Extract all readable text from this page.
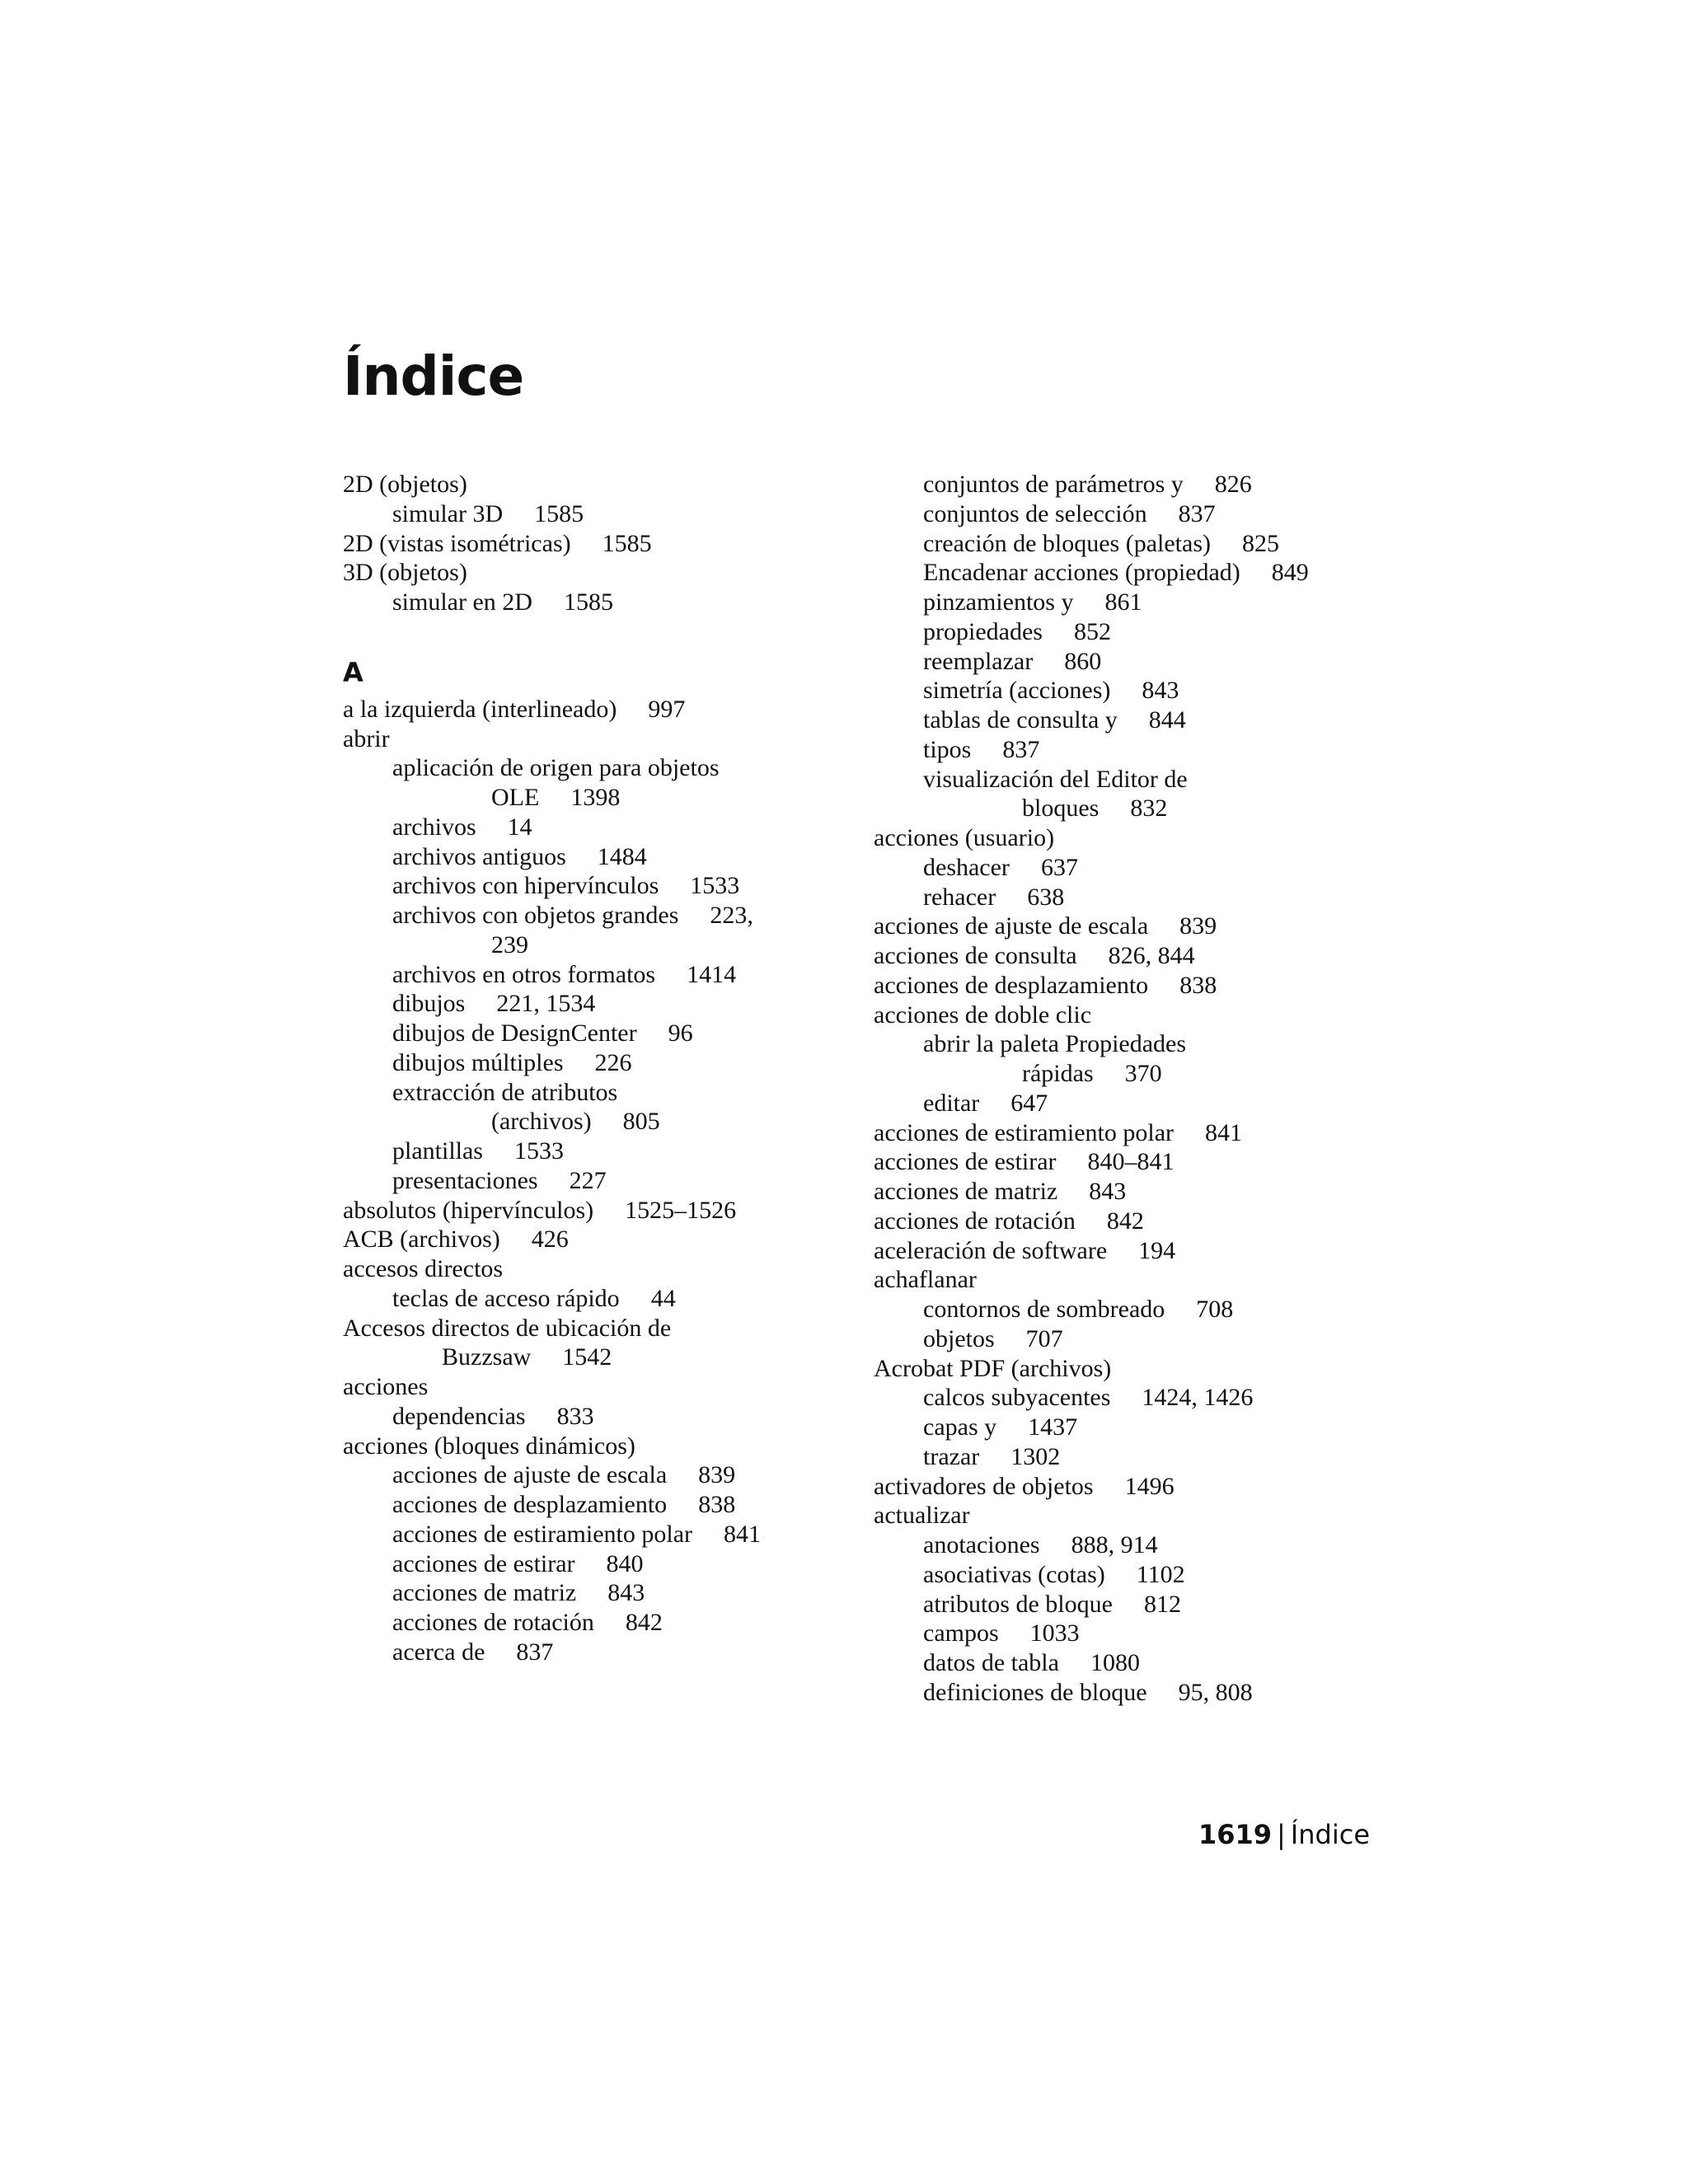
Índice
2D (objetos)
simular 3D 1585
2D (vistas isométricas) 1585
3D (objetos)
simular en 2D 1585
A
a la izquierda (interlineado) 997
abrir
aplicación de origen para objetos
OLE 1398
archivos 14
archivos antiguos 1484
archivos con hipervínculos 1533
archivos con objetos grandes 223,
239
archivos en otros formatos 1414
dibujos 221, 1534
dibujos de DesignCenter 96
dibujos múltiples 226
extracción de atributos
(archivos) 805
plantillas 1533
presentaciones 227
absolutos (hipervínculos) 1525–1526
ACB (archivos) 426
accesos directos
teclas de acceso rápido 44
Accesos directos de ubicación de
Buzzsaw 1542
acciones
dependencias 833
acciones (bloques dinámicos)
acciones de ajuste de escala 839
acciones de desplazamiento 838
acciones de estiramiento polar 841
acciones de estirar 840
acciones de matriz 843
acciones de rotación 842
acerca de 837
conjuntos de parámetros y 826
conjuntos de selección 837
creación de bloques (paletas) 825
Encadenar acciones (propiedad) 849
pinzamientos y 861
propiedades 852
reemplazar 860
simetría (acciones) 843
tablas de consulta y 844
tipos 837
visualización del Editor de
bloques 832
acciones (usuario)
deshacer 637
rehacer 638
acciones de ajuste de escala 839
acciones de consulta 826, 844
acciones de desplazamiento 838
acciones de doble clic
abrir la paleta Propiedades
rápidas 370
editar 647
acciones de estiramiento polar 841
acciones de estirar 840–841
acciones de matriz 843
acciones de rotación 842
aceleración de software 194
achaflanar
contornos de sombreado 708
objetos 707
Acrobat PDF (archivos)
calcos subyacentes 1424, 1426
capas y 1437
trazar 1302
activadores de objetos 1496
actualizar
anotaciones 888, 914
asociativas (cotas) 1102
atributos de bloque 812
campos 1033
datos de tabla 1080
definiciones de bloque 95, 808
1619 | Índice
